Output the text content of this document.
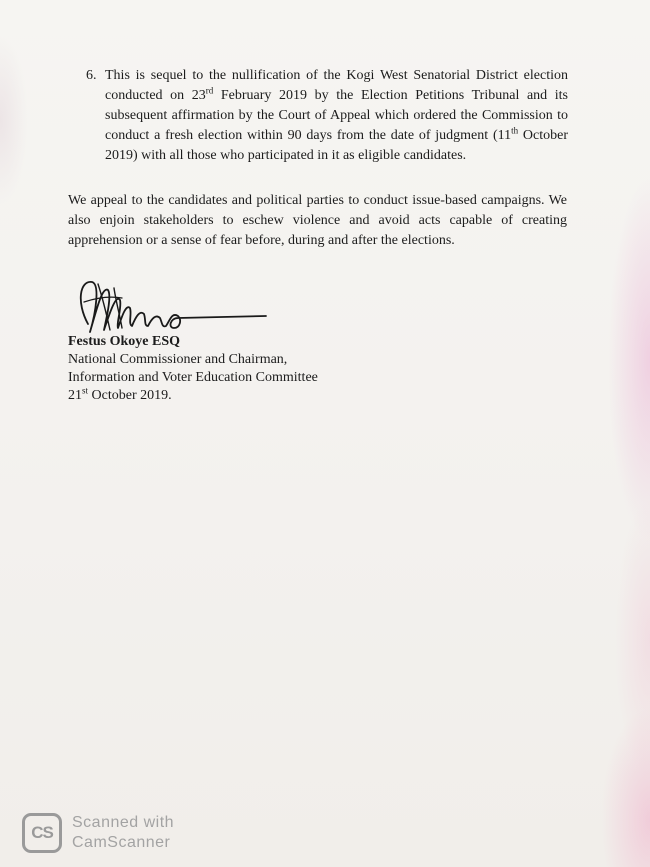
6. This is sequel to the nullification of the Kogi West Senatorial District election conducted on 23rd February 2019 by the Election Petitions Tribunal and its subsequent affirmation by the Court of Appeal which ordered the Commission to conduct a fresh election within 90 days from the date of judgment (11th October 2019) with all those who participated in it as eligible candidates.

We appeal to the candidates and political parties to conduct issue-based campaigns. We also enjoin stakeholders to eschew violence and avoid acts capable of creating apprehension or a sense of fear before, during and after the elections.

Festus Okoye ESQ
National Commissioner and Chairman,
Information and Voter Education Committee
21st October 2019.
CS
Scanned with
CamScanner
